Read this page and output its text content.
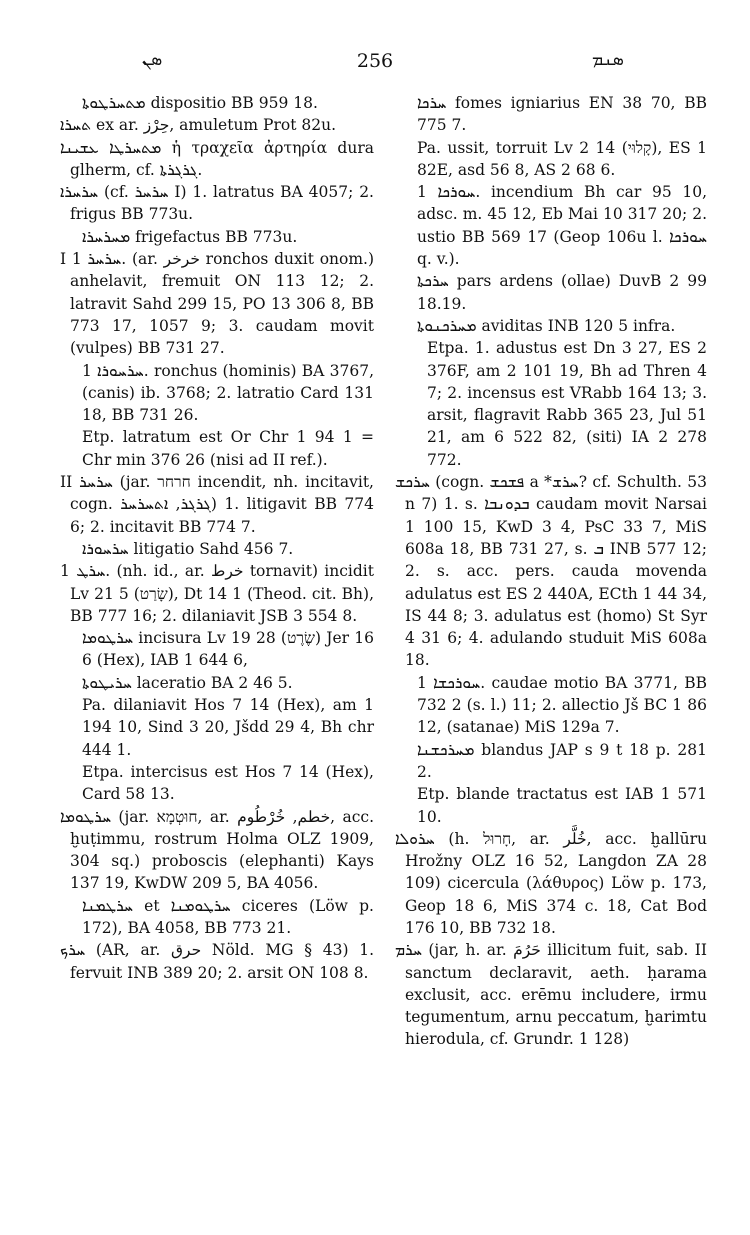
ܣܢ	256	ܣܢܡ

ܡܬܚܪܛܘܬܐ dispositio BB 959 18.

ܬܚܪܐ ex ar. حِرْز, amuletum Prot 82u.

ܡܬܚܪܛܐ ܥܫܝܢܐ ἡ τραχεῖα ἀρτηρία dura glherm, cf. ܓܪܓܪܬܐ.

ܚܪܚܪܐ (cf. ܚܪܚܪ I) 1. latratus BA 4057; 2. frigus BB 773u.

ܡܚܪܚܪܐ frigefactus BB 773u.

I ܚܪܚܪ 1. (ar. خرخر ronchos duxit onom.) anhelavit, fremuit ON 113 12; 2. latravit Sahd 299 15, PO 13 306 8, BB 773 17, 1057 9; 3. caudam movit (vulpes) BB 731 27.

ܚܪܚܘܪܐ 1. ronchus (hominis) BA 3767, (canis) ib. 3768; 2. latratio Card 131 18, BB 731 26.

Etp. latratum est Or Chr 1 94 1 = Chr min 376 26 (nisi ad II ref.).

II ܚܪܚܪ (jar. חרחר incendit, nh. incitavit, cogn. ܓܪܓܪ, ܐܬܚܪܚܪ) 1. litigavit BB 774 6; 2. incitavit BB 774 7.

ܚܪܚܘܪܐ litigatio Sahd 456 7.

ܚܪܛ 1. (nh. id., ar. خرط tornavit) incidit Lv 21 5 (שָׂרַט), Dt 14 1 (Theod. cit. Bh), BB 777 16; 2. dilaniavit JSB 3 554 8.

ܚܪܛܘܡܐ incisura Lv 19 28 (שֶׂרֶט) Jer 16 6 (Hex), IAB 1 644 6,

ܚܪܝܛܘܬܐ laceratio BA 2 46 5.

Pa. dilaniavit Hos 7 14 (Hex), am 1 194 10, Sind 3 20, Jšdd 29 4, Bh chr 444 1.

Etpa. intercisus est Hos 7 14 (Hex), Card 58 13.

ܚܪܛܘܡܐ (jar. חוּטְמָא, ar. خطم, خُرْطُوم, acc. ḫuṭimmu, rostrum Holma OLZ 1909, 304 sq.) proboscis (elephanti) Kays 137 19, KwDW 209 5, BA 4056.

ܚܪܛܡܢܐ et ܚܪܛܘܡܢܐ ciceres (Löw p. 172), BA 4058, BB 773 21.

ܚܪܟ (AR, ar. حرق Nöld. MG § 43) 1. fervuit INB 389 20; 2. arsit ON 108 8.

ܚܪܟܐ fomes igniarius EN 38 70, BB 775 7.

Pa. ussit, torruit Lv 2 14 (קָלוּי), ES 1 82E, asd 56 8, AS 2 68 6.

ܚܘܪܟܐ 1. incendium Bh car 95 10, adsc. m. 45 12, Eb Mai 10 317 20; 2. ustio BB 569 17 (Geop 106u l. ܚܘܪܟܐ q. v.).

ܚܪܟܬܐ pars ardens (ollae) DuvB 2 99 18.19.

ܡܚܪܟܢܘܬܐ aviditas INB 120 5 infra.

Etpa. 1. adustus est Dn 3 27, ES 2 376F, am 2 101 19, Bh ad Thren 4 7; 2. incensus est VRabb 164 13; 3. arsit, flagravit Rabb 365 23, Jul 51 21, am 6 522 82, (siti) IA 2 278 772.

ܚܪܟܫ (cogn. ܦܫܟܫ a *ܚܪܫ? cf. Schulth. 53 n 7) 1. s. ܒܕܘܢܒܐ caudam movit Narsai 1 100 15, KwD 3 4, PsC 33 7, MiS 608a 18, BB 731 27, s. ܒ INB 577 12; 2. s. acc. pers. cauda movenda adulatus est ES 2 440A, ECth 1 44 34, IS 44 8; 3. adulatus est (homo) St Syr 4 31 6; 4. adulando studuit MiS 608a 18.

ܚܘܪܟܫܐ 1. caudae motio BA 3771, BB 732 2 (s. l.) 11; 2. allectio Jš BC 1 86 12, (satanae) MiS 129a 7.

ܡܚܪܟܫܢܐ blandus JAP s 9 t 18 p. 281 2.

Etp. blande tractatus est IAB 1 571 10.

ܚܪܘܠܐ (h. חָרוּל, ar. خُلَّر, acc. ḫallūru Hrožny OLZ 16 52, Langdon ZA 28 109) cicercula (λάθυρος) Löw p. 173, Geop 18 6, MiS 374 c. 18, Cat Bod 176 10, BB 732 18.

ܚܪܡ (jar, h. ar. حَرُمَ illicitum fuit, sab. II sanctum declaravit, aeth. ḥarama exclusit, acc. erēmu includere, irmu tegumentum, arnu peccatum, ḫarimtu hierodula, cf. Grundr. 1 128)
